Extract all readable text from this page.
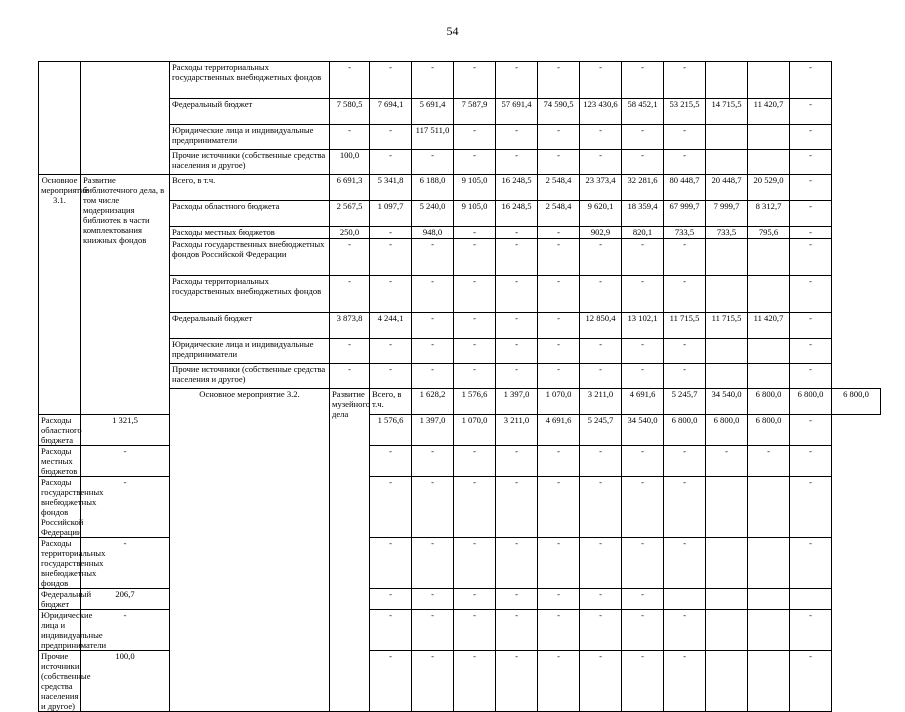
54
		Расходы территориальных государственных внебюджетных фондов	-	-	-	-	-	-	-	-	-			-		
		Федеральный бюджет	7 580,5	7 694,1	5 691,4	7 587,9	57 691,4	74 590,5	123 430,6	58 452,1	53 215,5	14 715,5	11 420,7	-		
		Юридические лица и индивидуальные предприниматели	-	-	117 511,0	-	-	-	-	-	-			-		
		Прочие источники (собственные средства населения и другое)	100,0	-	-	-	-	-	-	-	-			-		
Основное мероприятие 3.1.	Развитие библиотечного дела, в том числе модернизация библиотек в части комплектования книжных фондов	Всего, в т.ч.	6 691,3	5 341,8	6 188,0	9 105,0	16 248,5	2 548,4	23 373,4	32 281,6	80 448,7	20 448,7	20 529,0	-		
		Расходы областного бюджета	2 567,5	1 097,7	5 240,0	9 105,0	16 248,5	2 548,4	9 620,1	18 359,4	67 999,7	7 999,7	8 312,7	-		
		Расходы местных бюджетов	250,0	-	948,0	-	-	-	902,9	820,1	733,5	733,5	795,6	-		
		Расходы государственных внебюджетных фондов Российской Федерации	-	-	-	-	-	-	-	-	-			-		
		Расходы территориальных государственных внебюджетных фондов	-	-	-	-	-	-	-	-	-			-		
		Федеральный бюджет	3 873,8	4 244,1	-	-	-	-	12 850,4	13 102,1	11 715,5	11 715,5	11 420,7	-		
		Юридические лица и индивидуальные предприниматели	-	-	-	-	-	-	-	-	-			-		
		Прочие источники (собственные средства населения и другое)	-	-	-	-	-	-	-	-	-			-		
		Основное мероприятие 3.2.	Развитие музейного дела	Всего, в т.ч.	1 628,2	1 576,6	1 397,0	1 070,0	3 211,0	4 691,6	5 245,7	34 540,0	6 800,0	6 800,0	6 800,0	
Расходы областного бюджета	1 321,5			1 576,6	1 397,0	1 070,0	3 211,0	4 691,6	5 245,7	34 540,0	6 800,0	6 800,0	6 800,0	-		
Расходы местных бюджетов	-			-	-	-	-	-	-	-	-	-	-	-		
Расходы государственных внебюджетных фондов Российской Федерации	-			-	-	-	-	-	-	-	-			-		
Расходы территориальных государственных внебюджетных фондов	-			-	-	-	-	-	-	-	-			-		
Федеральный бюджет	206,7			-	-	-	-	-	-	-						
Юридические лица и индивидуальные предприниматели	-			-	-	-	-	-	-	-	-			-		
Прочие источники (собственные средства населения и другое)	100,0			-	-	-	-	-	-	-	-			-		
